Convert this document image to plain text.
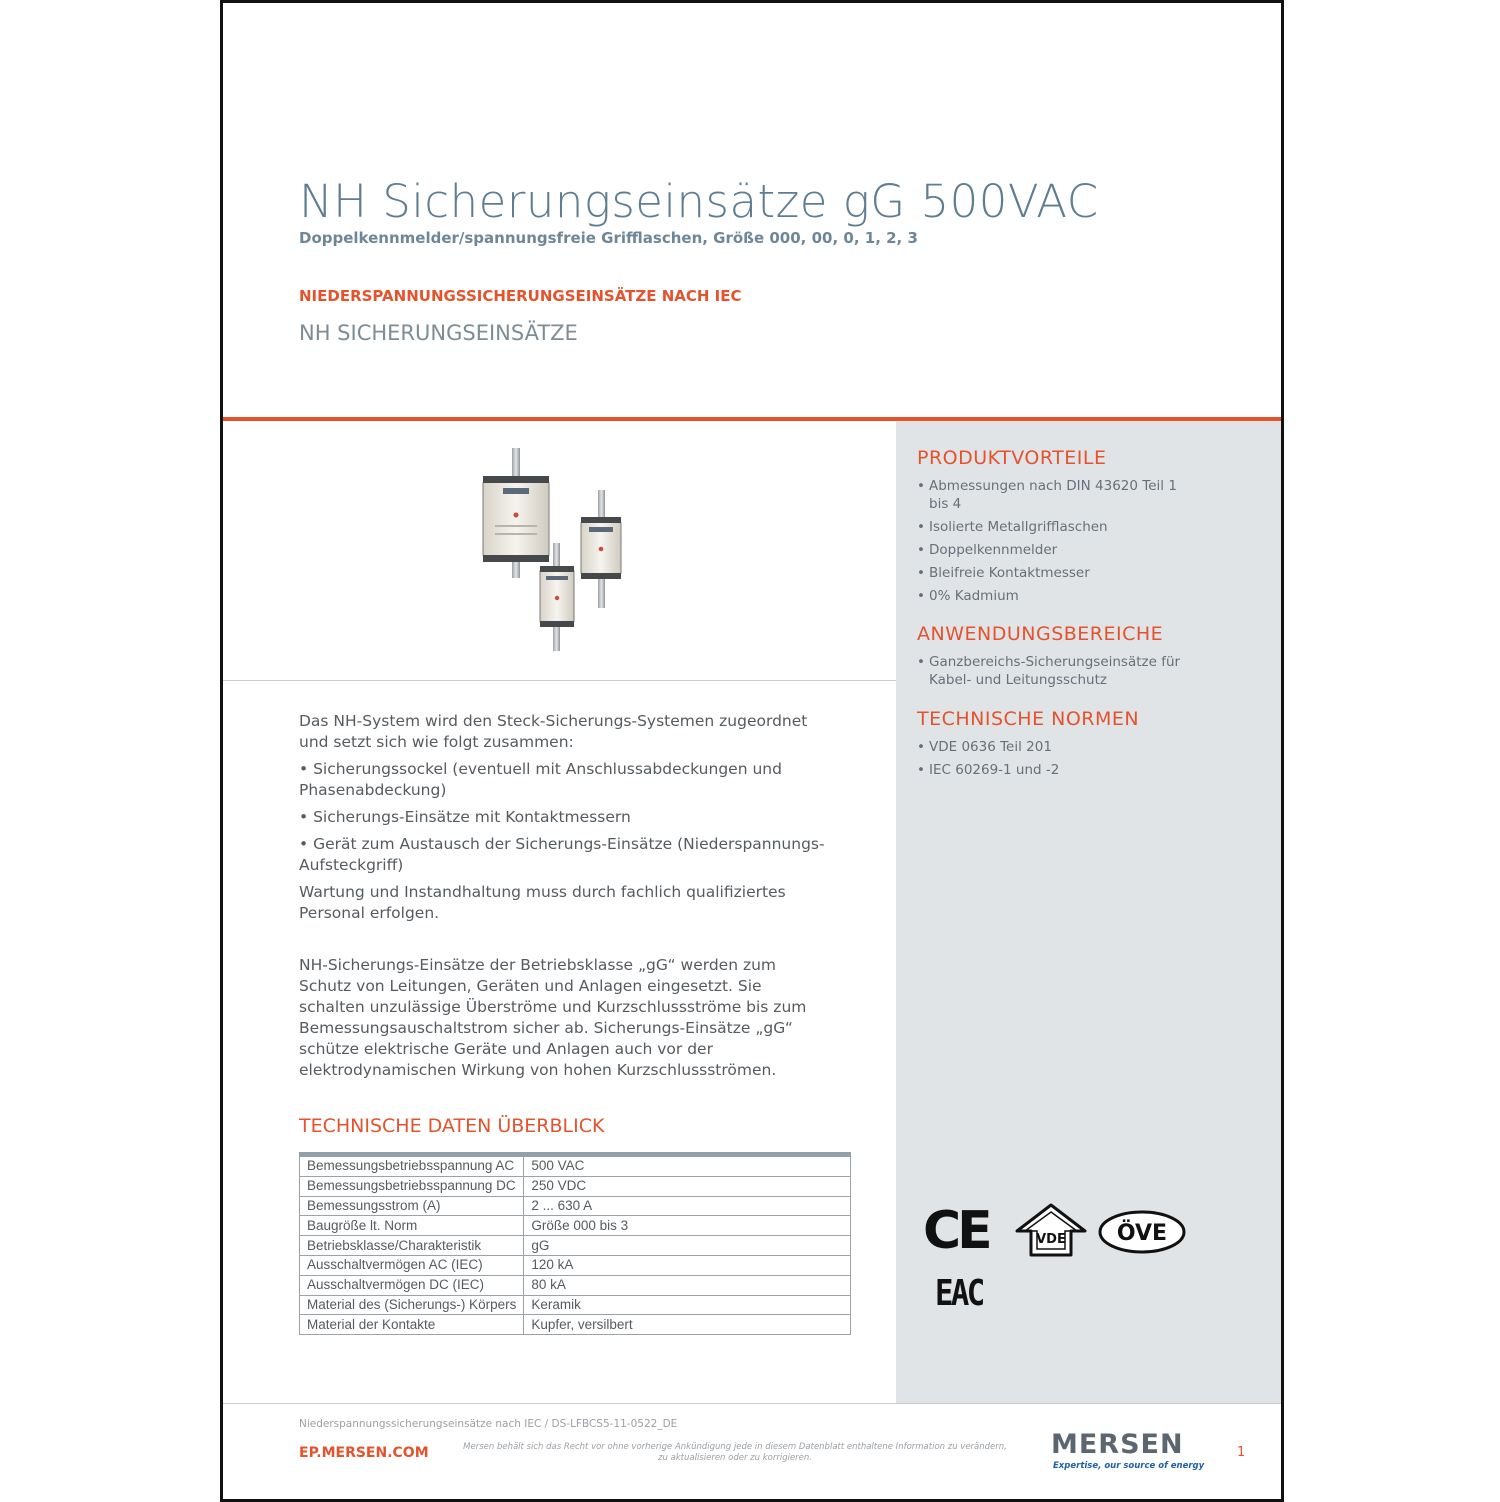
NH Sicherungseinsätze gG 500VAC
Doppelkennmelder/spannungsfreie Grifflaschen, Größe 000, 00, 0, 1, 2, 3
NIEDERSPANNUNGSSICHERUNGSEINSÄTZE NACH IEC
NH SICHERUNGSEINSÄTZE

Das NH-System wird den Steck-Sicherungs-Systemen zugeordnet und setzt sich wie folgt zusammen:

• Sicherungssockel (eventuell mit Anschlussabdeckungen und Phasenabdeckung)

• Sicherungs-Einsätze mit Kontaktmessern

• Gerät zum Austausch der Sicherungs-Einsätze (Niederspannungs-Aufsteckgriff)

Wartung und Instandhaltung muss durch fachlich qualifiziertes Personal erfolgen.

NH-Sicherungs-Einsätze der Betriebsklasse „gG“ werden zum Schutz von Leitungen, Geräten und Anlagen eingesetzt. Sie schalten unzulässige Überströme und Kurzschlussströme bis zum Bemessungsauschaltstrom sicher ab. Sicherungs-Einsätze „gG“ schütze elektrische Geräte und Anlagen auch vor der elektrodynamischen Wirkung von hohen Kurzschlussströmen.

TECHNISCHE DATEN ÜBERBLICK
Bemessungsbetriebsspannung AC	500 VAC
Bemessungsbetriebsspannung DC	250 VDC
Bemessungsstrom (A)	2 ... 630 A
Baugröße lt. Norm	Größe 000 bis 3
Betriebsklasse/Charakteristik	gG
Ausschaltvermögen AC (IEC)	120 kA
Ausschaltvermögen DC (IEC)	80 kA
Material des (Sicherungs-) Körpers	Keramik
Material der Kontakte	Kupfer, versilbert
PRODUKTVORTEILE
• Abmessungen nach DIN 43620 Teil 1 bis 4
• Isolierte Metallgrifflaschen
• Doppelkennmelder
• Bleifreie Kontaktmesser
• 0% Kadmium
ANWENDUNGSBEREICHE
• Ganzbereichs-Sicherungseinsätze für Kabel- und Leitungsschutz
TECHNISCHE NORMEN
• VDE 0636 Teil 201
• IEC 60269-1 und -2
CE	VDE ÖVE
EAC
Niederspannungssicherungseinsätze nach IEC / DS-LFBCS5-11-0522_DE
EP.MERSEN.COM	Mersen behält sich das Recht vor ohne vorherige Ankündigung jede in diesem Datenblatt enthaltene Information zu verändern,
zu aktualisieren oder zu korrigieren.	MERSEN
Expertise, our source of energy
1
